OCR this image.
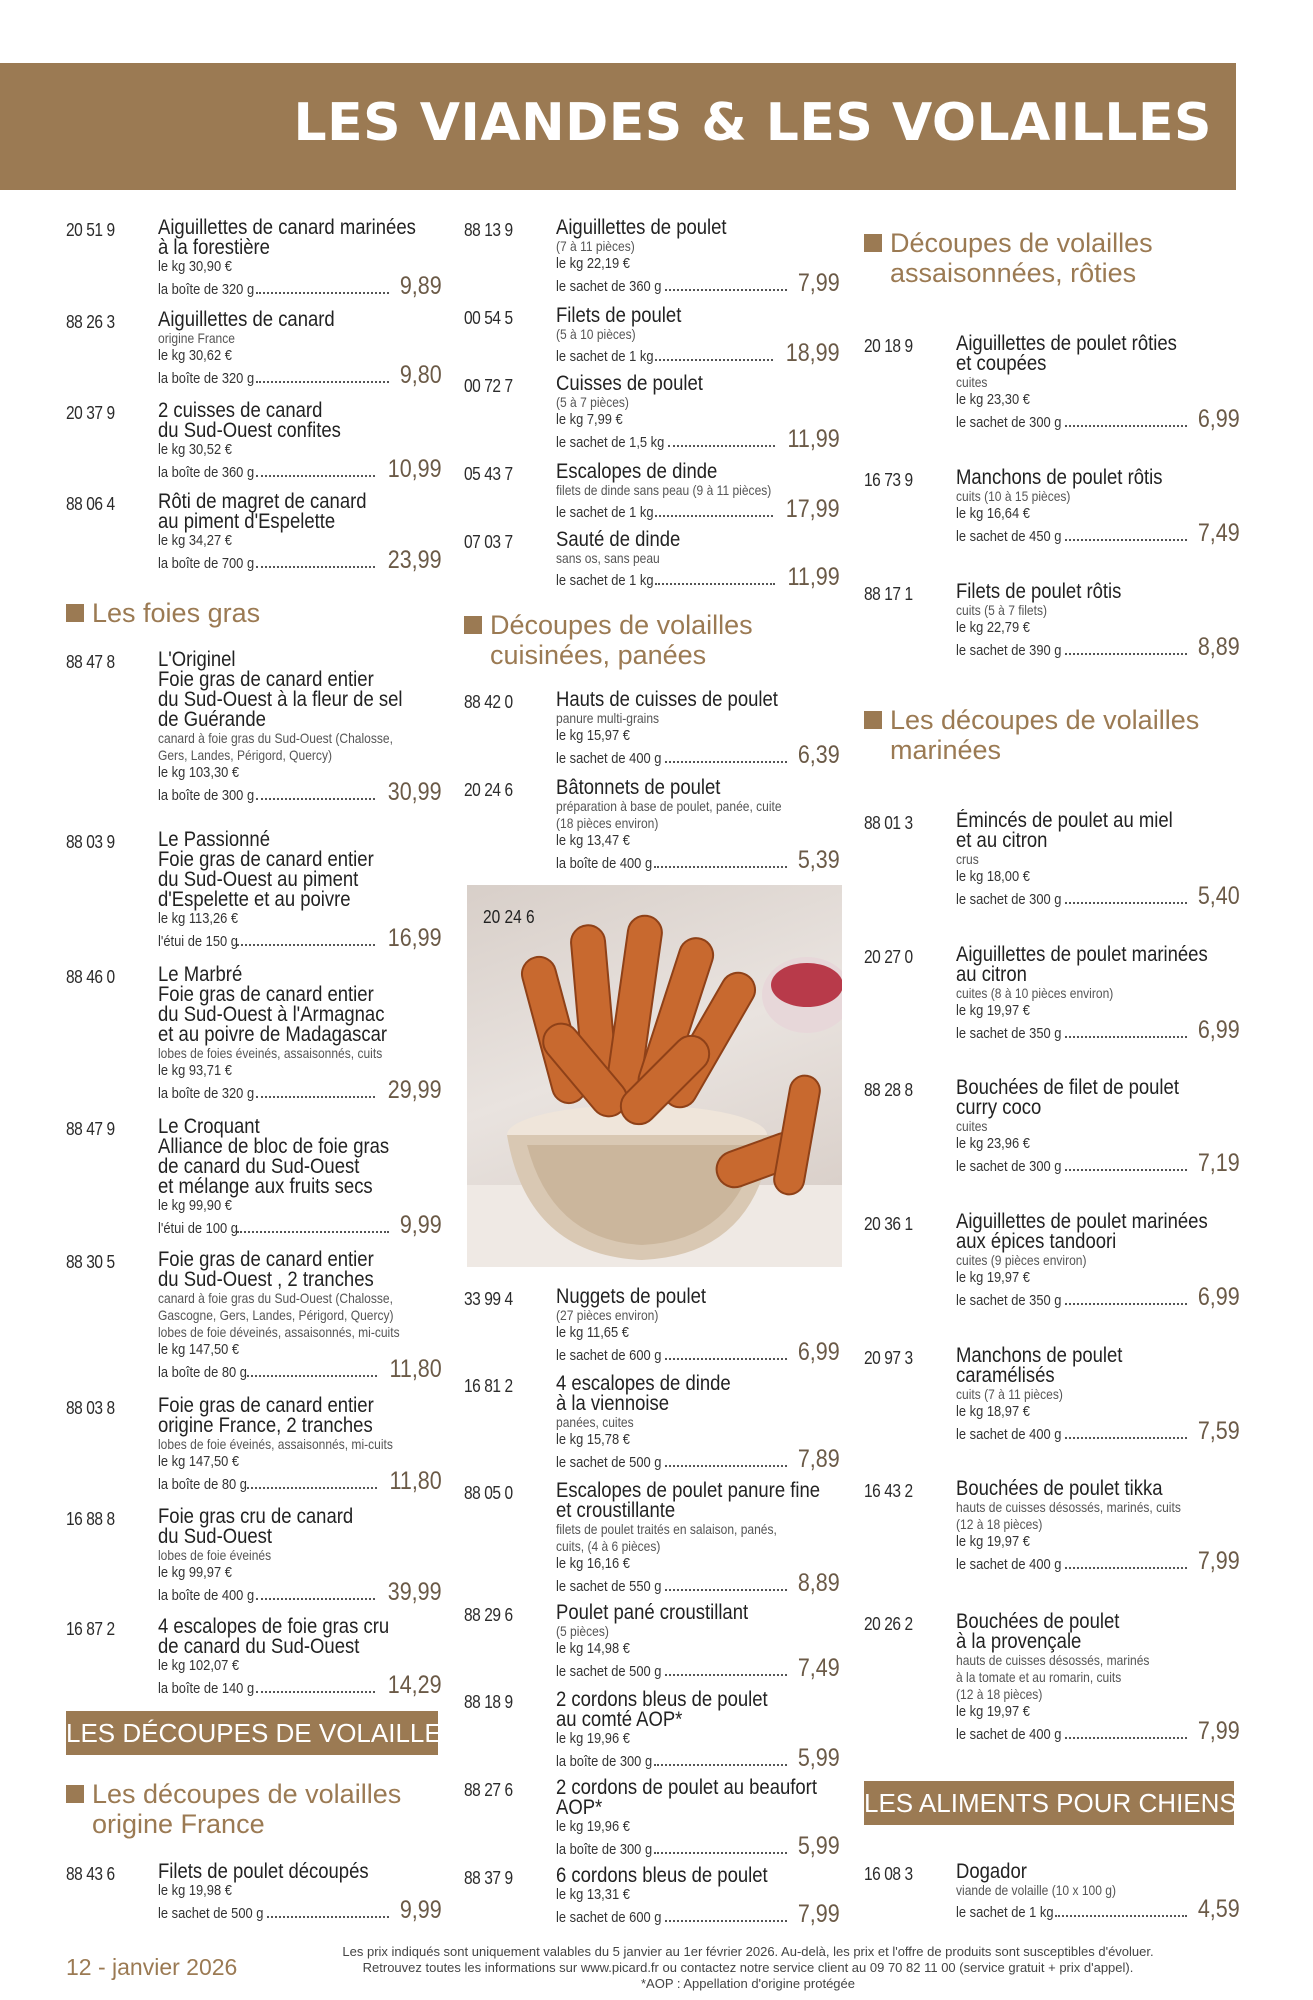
LES VIANDES & LES VOLAILLES
20 51 9 Aiguillettes de canard marinées
à la forestière
le kg 30,90 €
la boîte de 320 g	9,89
88 26 3 Aiguillettes de canard
origine France
le kg 30,62 €
la boîte de 320 g	9,80
20 37 9 2 cuisses de canard
du Sud-Ouest confites
le kg 30,52 €
la boîte de 360 g	10,99
88 06 4 Rôti de magret de canard
au piment d'Espelette
le kg 34,27 €
la boîte de 700 g	23,99
Les foies gras
88 47 8 L'Originel
Foie gras de canard entier
du Sud-Ouest à la fleur de sel
de Guérande
canard à foie gras du Sud-Ouest (Chalosse,
Gers, Landes, Périgord, Quercy)
le kg 103,30 €
la boîte de 300 g	30,99
88 03 9 Le Passionné
Foie gras de canard entier
du Sud-Ouest au piment
d'Espelette et au poivre
le kg 113,26 €
l'étui de 150 g	16,99
88 46 0 Le Marbré
Foie gras de canard entier
du Sud-Ouest à l'Armagnac
et au poivre de Madagascar
lobes de foies éveinés, assaisonnés, cuits
le kg 93,71 €
la boîte de 320 g	29,99
88 47 9 Le Croquant
Alliance de bloc de foie gras
de canard du Sud-Ouest
et mélange aux fruits secs
le kg 99,90 €
l'étui de 100 g	9,99
88 30 5 Foie gras de canard entier
du Sud-Ouest , 2 tranches
canard à foie gras du Sud-Ouest (Chalosse,
Gascogne, Gers, Landes, Périgord, Quercy)
lobes de foie déveinés, assaisonnés, mi-cuits
le kg 147,50 €
la boîte de 80 g	11,80
88 03 8 Foie gras de canard entier
origine France, 2 tranches
lobes de foie éveinés, assaisonnés, mi-cuits
le kg 147,50 €
la boîte de 80 g	11,80
16 88 8 Foie gras cru de canard
du Sud-Ouest
lobes de foie éveinés
le kg 99,97 €
la boîte de 400 g	39,99
16 87 2 4 escalopes de foie gras cru
de canard du Sud-Ouest
le kg 102,07 €
la boîte de 140 g	14,29
LES DÉCOUPES DE VOLAILLES
Les découpes de volailles
origine France
88 43 6 Filets de poulet découpés
le kg 19,98 €
le sachet de 500 g	9,99
88 13 9 Aiguillettes de poulet
(7 à 11 pièces)
le kg 22,19 €
le sachet de 360 g	7,99
00 54 5 Filets de poulet
(5 à 10 pièces)
le sachet de 1 kg	18,99
00 72 7 Cuisses de poulet
(5 à 7 pièces)
le kg 7,99 €
le sachet de 1,5 kg	11,99
05 43 7 Escalopes de dinde
filets de dinde sans peau (9 à 11 pièces)
le sachet de 1 kg	17,99
07 03 7 Sauté de dinde
sans os, sans peau
le sachet de 1 kg	11,99
Découpes de volailles
cuisinées, panées
88 42 0 Hauts de cuisses de poulet
panure multi-grains
le kg 15,97 €
le sachet de 400 g	6,39
20 24 6 Bâtonnets de poulet
préparation à base de poulet, panée, cuite
(18 pièces environ)
le kg 13,47 €
la boîte de 400 g	5,39
33 99 4 Nuggets de poulet
(27 pièces environ)
le kg 11,65 €
le sachet de 600 g	6,99
16 81 2 4 escalopes de dinde
à la viennoise
panées, cuites
le kg 15,78 €
le sachet de 500 g	7,89
88 05 0 Escalopes de poulet panure fine
et croustillante
filets de poulet traités en salaison, panés,
cuits, (4 à 6 pièces)
le kg 16,16 €
le sachet de 550 g	8,89
88 29 6 Poulet pané croustillant
(5 pièces)
le kg 14,98 €
le sachet de 500 g	7,49
88 18 9 2 cordons bleus de poulet
au comté AOP*
le kg 19,96 €
la boîte de 300 g	5,99
88 27 6 2 cordons de poulet au beaufort
AOP*
le kg 19,96 €
la boîte de 300 g	5,99
88 37 9 6 cordons bleus de poulet
le kg 13,31 €
le sachet de 600 g	7,99
20 24 6
Découpes de volailles
assaisonnées, rôties
20 18 9 Aiguillettes de poulet rôties
et coupées
cuites
le kg 23,30 €
le sachet de 300 g	6,99
16 73 9 Manchons de poulet rôtis
cuits (10 à 15 pièces)
le kg 16,64 €
le sachet de 450 g	7,49
88 17 1 Filets de poulet rôtis
cuits (5 à 7 filets)
le kg 22,79 €
le sachet de 390 g	8,89
Les découpes de volailles
marinées
88 01 3 Émincés de poulet au miel
et au citron
crus
le kg 18,00 €
le sachet de 300 g	5,40
20 27 0 Aiguillettes de poulet marinées
au citron
cuites (8 à 10 pièces environ)
le kg 19,97 €
le sachet de 350 g	6,99
88 28 8 Bouchées de filet de poulet
curry coco
cuites
le kg 23,96 €
le sachet de 300 g	7,19
20 36 1 Aiguillettes de poulet marinées
aux épices tandoori
cuites (9 pièces environ)
le kg 19,97 €
le sachet de 350 g	6,99
20 97 3 Manchons de poulet
caramélisés
cuits (7 à 11 pièces)
le kg 18,97 €
le sachet de 400 g	7,59
16 43 2 Bouchées de poulet tikka
hauts de cuisses désossés, marinés, cuits
(12 à 18 pièces)
le kg 19,97 €
le sachet de 400 g	7,99
20 26 2 Bouchées de poulet
à la provençale
hauts de cuisses désossés, marinés
à la tomate et au romarin, cuits
(12 à 18 pièces)
le kg 19,97 €
le sachet de 400 g	7,99
LES ALIMENTS POUR CHIENS
16 08 3 Dogador
viande de volaille (10 x 100 g)
le sachet de 1 kg	4,59
12 - janvier 2026
Les prix indiqués sont uniquement valables du 5 janvier au 1er février 2026. Au-delà, les prix et l'offre de produits sont susceptibles d'évoluer.
Retrouvez toutes les informations sur www.picard.fr ou contactez notre service client au 09 70 82 11 00 (service gratuit + prix d'appel).
*AOP : Appellation d'origine protégée
